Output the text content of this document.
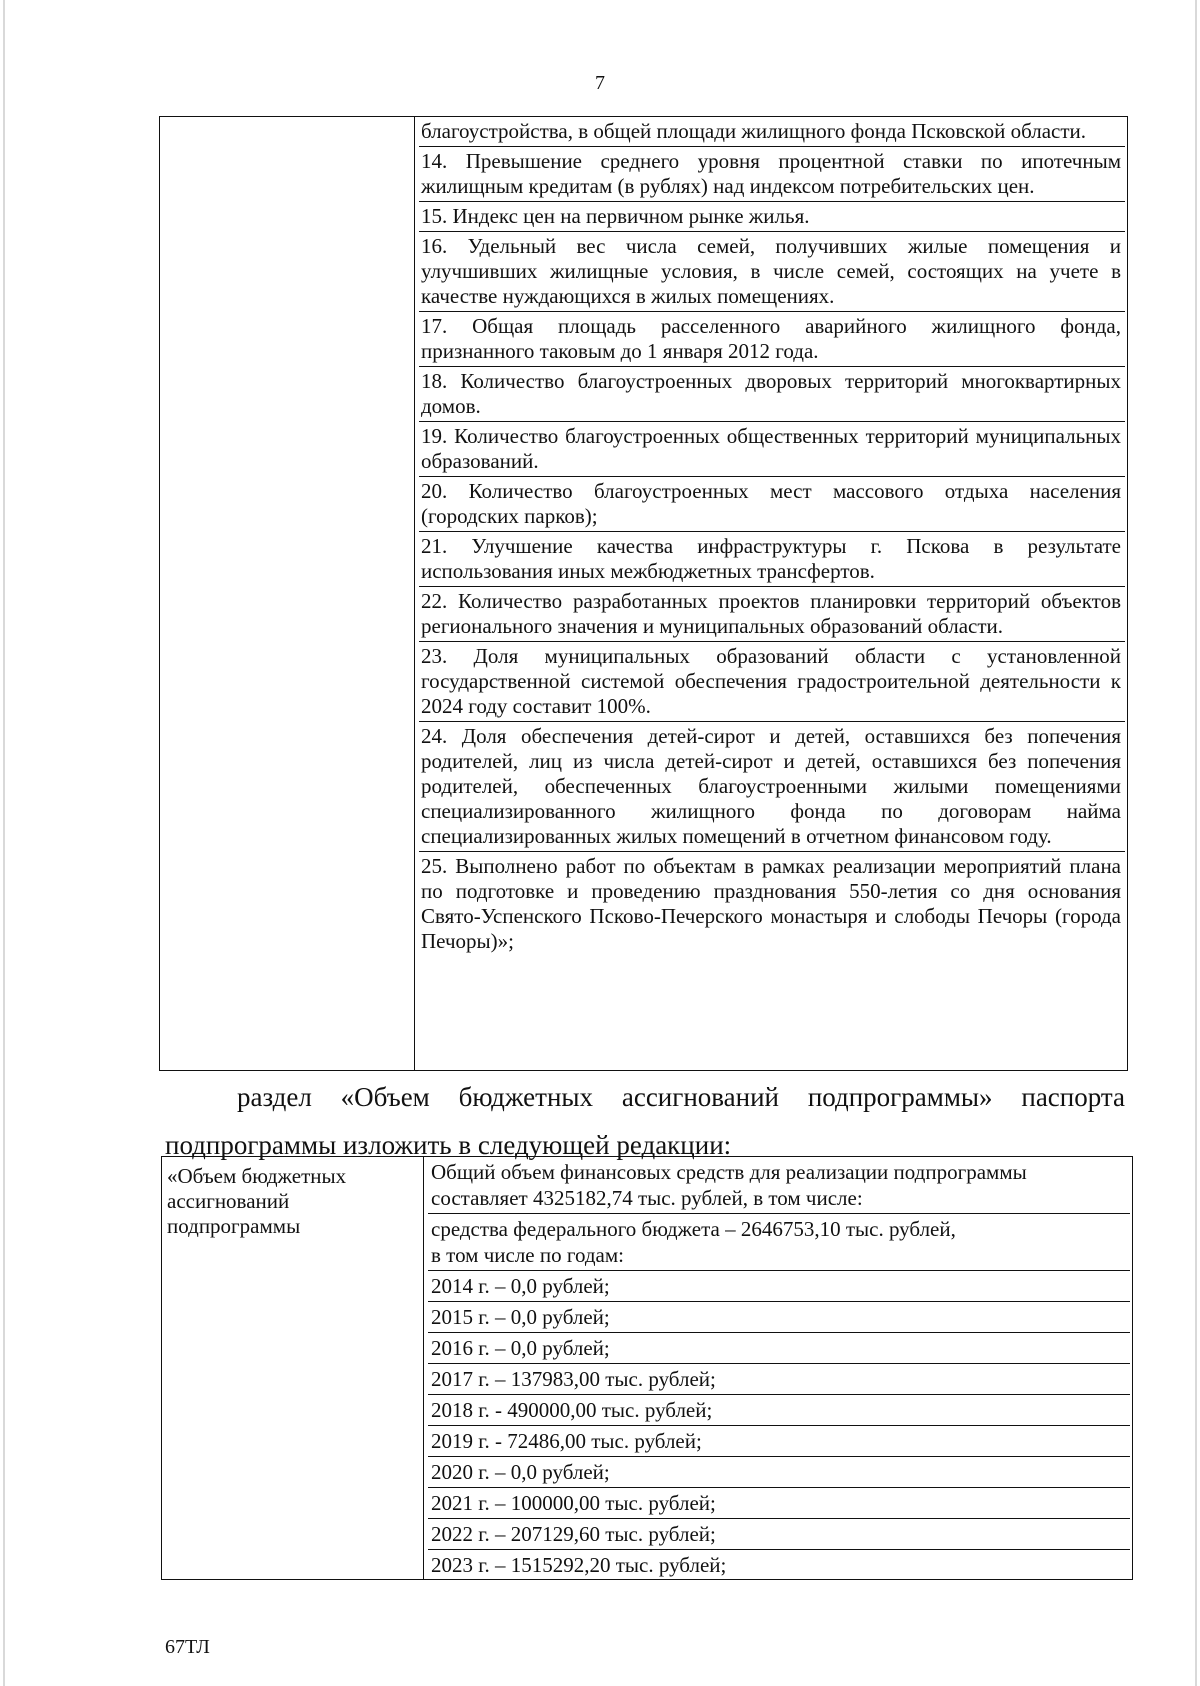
7
благоустройства, в общей площади жилищного фонда Псковской области.
14. Превышение среднего уровня процентной ставки по ипотечным жилищным кредитам (в рублях) над индексом потребительских цен.
15. Индекс цен на первичном рынке жилья.
16. Удельный вес числа семей, получивших жилые помещения и улучшивших жилищные условия, в числе семей, состоящих на учете в качестве нуждающихся в жилых помещениях.
17. Общая площадь расселенного аварийного жилищного фонда, признанного таковым до 1 января 2012 года.
18. Количество благоустроенных дворовых территорий многоквартирных домов.
19. Количество благоустроенных общественных территорий муниципальных образований.
20. Количество благоустроенных мест массового отдыха населения (городских парков);
21. Улучшение качества инфраструктуры г. Пскова в результате использования иных межбюджетных трансфертов.
22. Количество разработанных проектов планировки территорий объектов регионального значения и муниципальных образований области.
23. Доля муниципальных образований области с установленной государственной системой обеспечения градостроительной деятельности к 2024 году составит 100%.
24. Доля обеспечения детей-сирот и детей, оставшихся без попечения родителей, лиц из числа детей-сирот и детей, оставшихся без попечения родителей, обеспеченных благоустроенными жилыми помещениями специализированного жилищного фонда по договорам найма специализированных жилых помещений в отчетном финансовом году.
25. Выполнено работ по объектам в рамках реализации мероприятий плана по подготовке и проведению празднования 550-летия со дня основания Свято-Успенского Псково-Печерского монастыря и слободы Печоры (города Печоры)»;
раздел «Объем бюджетных ассигнований подпрограммы» паспорта подпрограммы изложить в следующей редакции:
«Объем бюджетных ассигнований подпрограммы
Общий объем финансовых средств для реализации подпрограммы
составляет 4325182,74 тыс. рублей, в том числе:
средства федерального бюджета – 2646753,10 тыс. рублей,
в том числе по годам:
2014 г. – 0,0 рублей;
2015 г. – 0,0 рублей;
2016 г. – 0,0 рублей;
2017 г. – 137983,00 тыс. рублей;
2018 г. - 490000,00 тыс. рублей;
2019 г. - 72486,00 тыс. рублей;
2020 г. – 0,0 рублей;
2021 г. – 100000,00 тыс. рублей;
2022 г. – 207129,60 тыс. рублей;
2023 г. – 1515292,20 тыс. рублей;
67ТЛ
